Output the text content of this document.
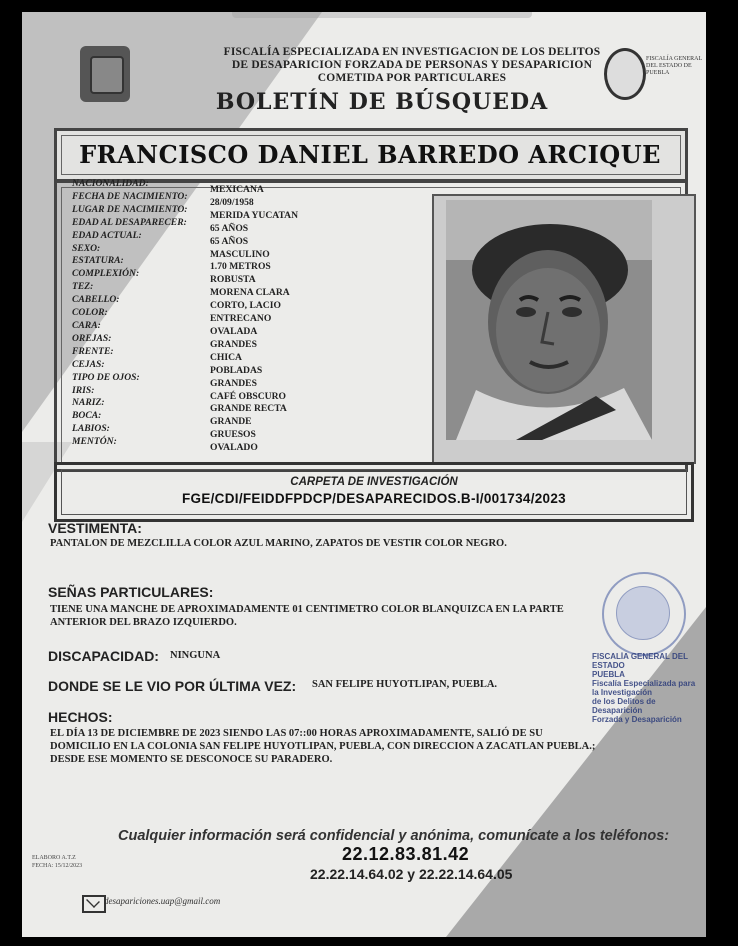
FISCALÍA ESPECIALIZADA EN INVESTIGACION DE LOS DELITOS
DE DESAPARICION FORZADA DE PERSONAS Y DESAPARICION
COMETIDA POR PARTICULARES
BOLETÍN DE BÚSQUEDA
FISCALÍA GENERAL
DEL ESTADO DE
PUEBLA
FRANCISCO DANIEL BARREDO ARCIQUE
NACIONALIDAD:
FECHA DE NACIMIENTO:
LUGAR DE NACIMIENTO:
EDAD AL DESAPARECER:
EDAD ACTUAL:
SEXO:
ESTATURA:
COMPLEXIÓN:
TEZ:
CABELLO:
COLOR:
CARA:
OREJAS:
FRENTE:
CEJAS:
TIPO DE OJOS:
IRIS:
NARIZ:
BOCA:
LABIOS:
MENTÓN:
MEXICANA
28/09/1958
MERIDA YUCATAN
65 AÑOS
65 AÑOS
MASCULINO
1.70 METROS
ROBUSTA
MORENA CLARA
CORTO, LACIO
ENTRECANO
OVALADA
GRANDES
CHICA
POBLADAS
GRANDES
CAFÉ OBSCURO
GRANDE RECTA
GRANDE
GRUESOS
OVALADO
CARPETA DE INVESTIGACIÓN
FGE/CDI/FEIDDFPDCP/DESAPARECIDOS.B-I/001734/2023
VESTIMENTA:
PANTALON DE MEZCLILLA COLOR AZUL MARINO, ZAPATOS DE VESTIR COLOR NEGRO.
SEÑAS PARTICULARES:
TIENE UNA MANCHE DE APROXIMADAMENTE 01 CENTIMETRO COLOR BLANQUIZCA EN LA PARTE
ANTERIOR DEL BRAZO IZQUIERDO.
FISCALÍA GENERAL DEL ESTADO
PUEBLA
Fiscalía Especializada para la Investigación
de los Delitos de Desaparición
Forzada y Desaparición
DISCAPACIDAD: NINGUNA
DONDE SE LE VIO POR ÚLTIMA VEZ: SAN FELIPE HUYOTLIPAN, PUEBLA.
HECHOS:
EL DÍA 13 DE DICIEMBRE DE 2023 SIENDO LAS 07::00 HORAS APROXIMADAMENTE, SALIÓ DE SU
DOMICILIO EN LA COLONIA SAN FELIPE HUYOTLIPAN, PUEBLA, CON DIRECCION A ZACATLAN PUEBLA.;
DESDE ESE MOMENTO SE DESCONOCE SU PARADERO.
Cualquier información será confidencial y anónima, comunícate a los teléfonos:
22.12.83.81.42
22.22.14.64.02 y 22.22.14.64.05
ELABORO A.T.Z
FECHA: 15/12/2023
desapariciones.uap@gmail.com
